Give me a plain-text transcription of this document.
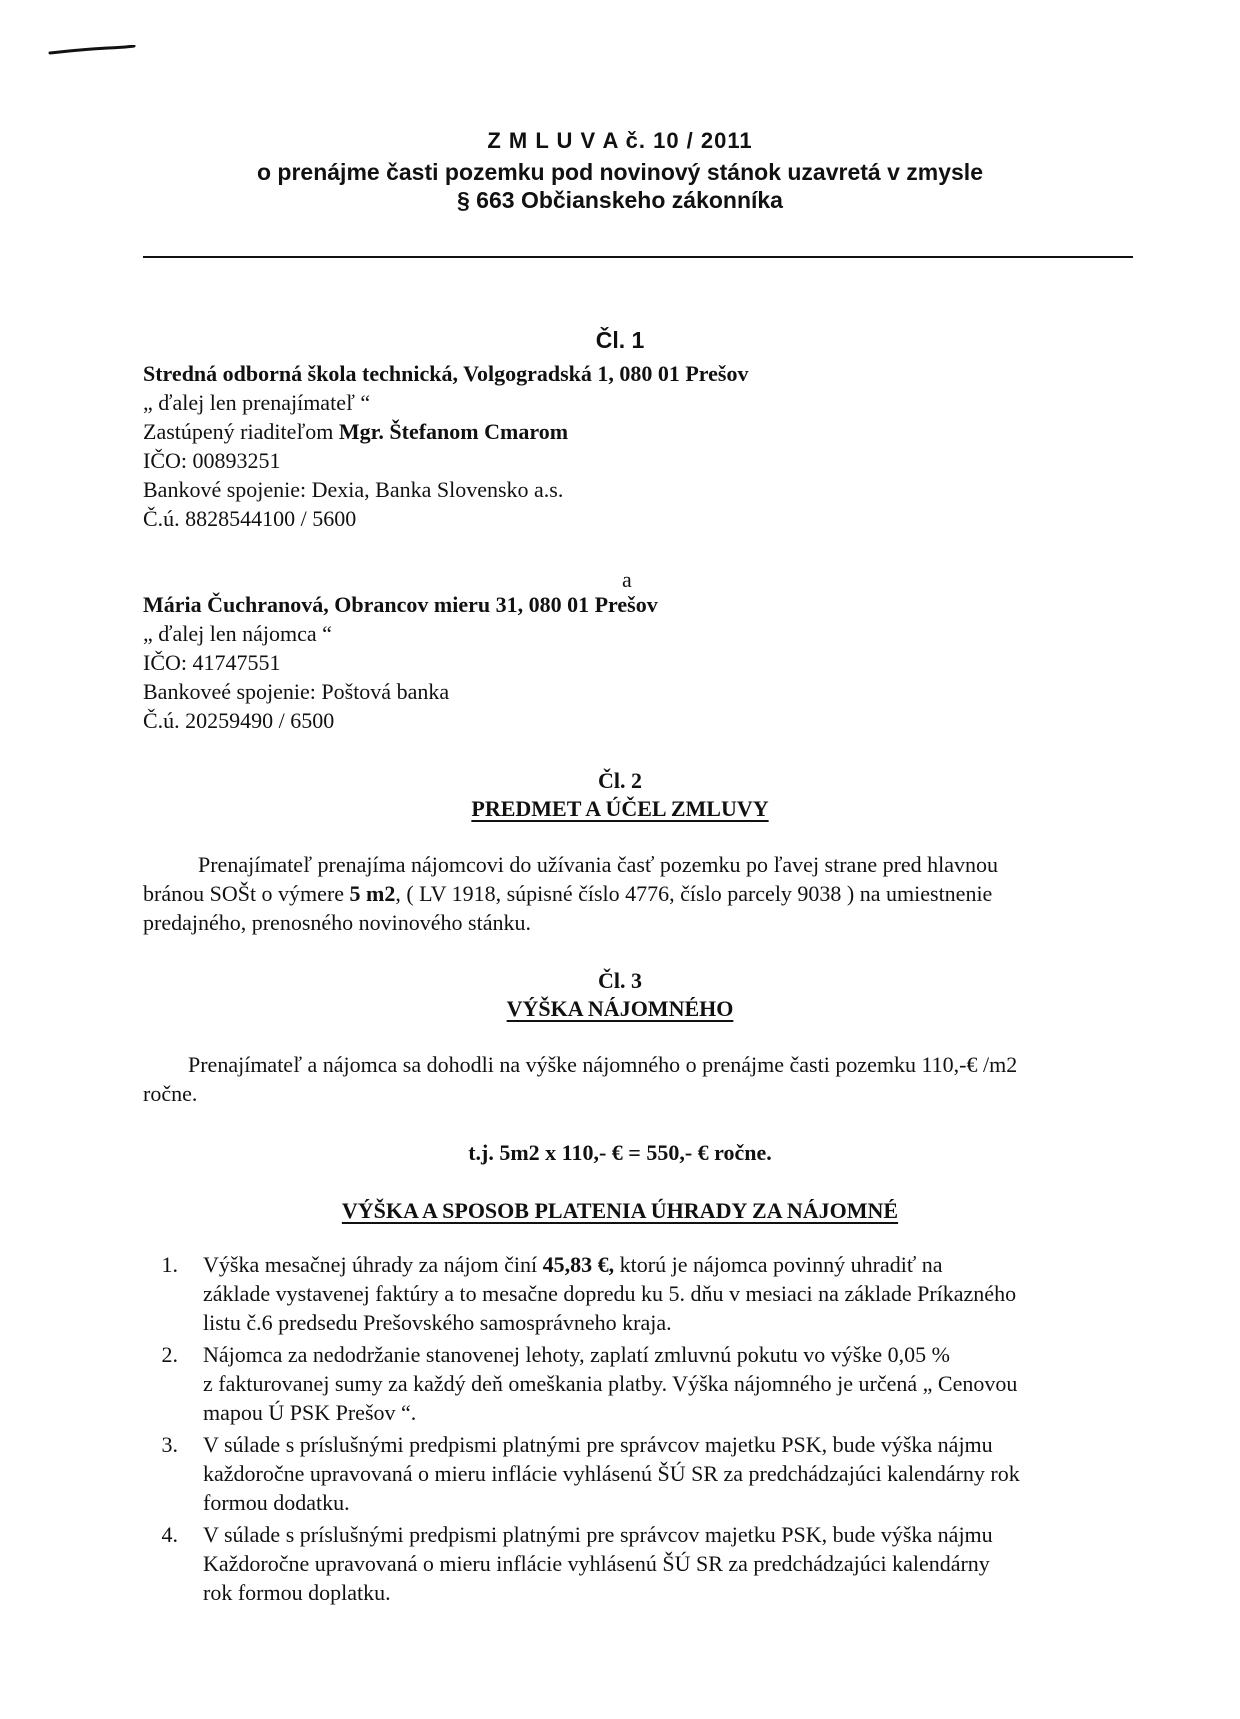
Z M L U V A č. 10 / 2011
o prenájme časti pozemku pod novinový stánok uzavretá v zmysle
§ 663 Občianskeho zákonníka
Čl. 1
Stredná odborná škola technická, Volgogradská 1, 080 01 Prešov
„ ďalej len prenajímateľ “
Zastúpený riaditeľom Mgr. Štefanom Cmarom
IČO: 00893251
Bankové spojenie: Dexia, Banka Slovensko a.s.
Č.ú. 8828544100 / 5600
a
Mária Čuchranová, Obrancov mieru 31, 080 01 Prešov
„ ďalej len nájomca “
IČO: 41747551
Bankoveé spojenie: Poštová banka
Č.ú. 20259490 / 6500
Čl. 2
PREDMET A ÚČEL ZMLUVY
Prenajímateľ prenajíma nájomcovi do užívania časť pozemku po ľavej strane pred hlavnou
bránou SOŠt o výmere 5 m2, ( LV 1918, súpisné číslo 4776, číslo parcely 9038 ) na umiestnenie
predajného, prenosného novinového stánku.
Čl. 3
VÝŠKA NÁJOMNÉHO
Prenajímateľ a nájomca sa dohodli na výške nájomného o prenájme časti pozemku 110,-€ /m2
ročne.
t.j. 5m2 x 110,- € = 550,- € ročne.
VÝŠKA A SPOSOB PLATENIA ÚHRADY ZA NÁJOMNÉ
1. Výška mesačnej úhrady za nájom činí 45,83 €, ktorú je nájomca povinný uhradiť na
základe vystavenej faktúry a to mesačne dopredu ku 5. dňu v mesiaci na základe Príkazného
listu č.6 predsedu Prešovského samosprávneho kraja.
2. Nájomca za nedodržanie stanovenej lehoty, zaplatí zmluvnú pokutu vo výške 0,05 %
z fakturovanej sumy za každý deň omeškania platby. Výška nájomného je určená „ Cenovou
mapou Ú PSK Prešov “.
3. V súlade s príslušnými predpismi platnými pre správcov majetku PSK, bude výška nájmu
každoročne upravovaná o mieru inflácie vyhlásenú ŠÚ SR za predchádzajúci kalendárny rok
formou dodatku.
4. V súlade s príslušnými predpismi platnými pre správcov majetku PSK, bude výška nájmu
Každoročne upravovaná o mieru inflácie vyhlásenú ŠÚ SR za predchádzajúci kalendárny
rok formou doplatku.
